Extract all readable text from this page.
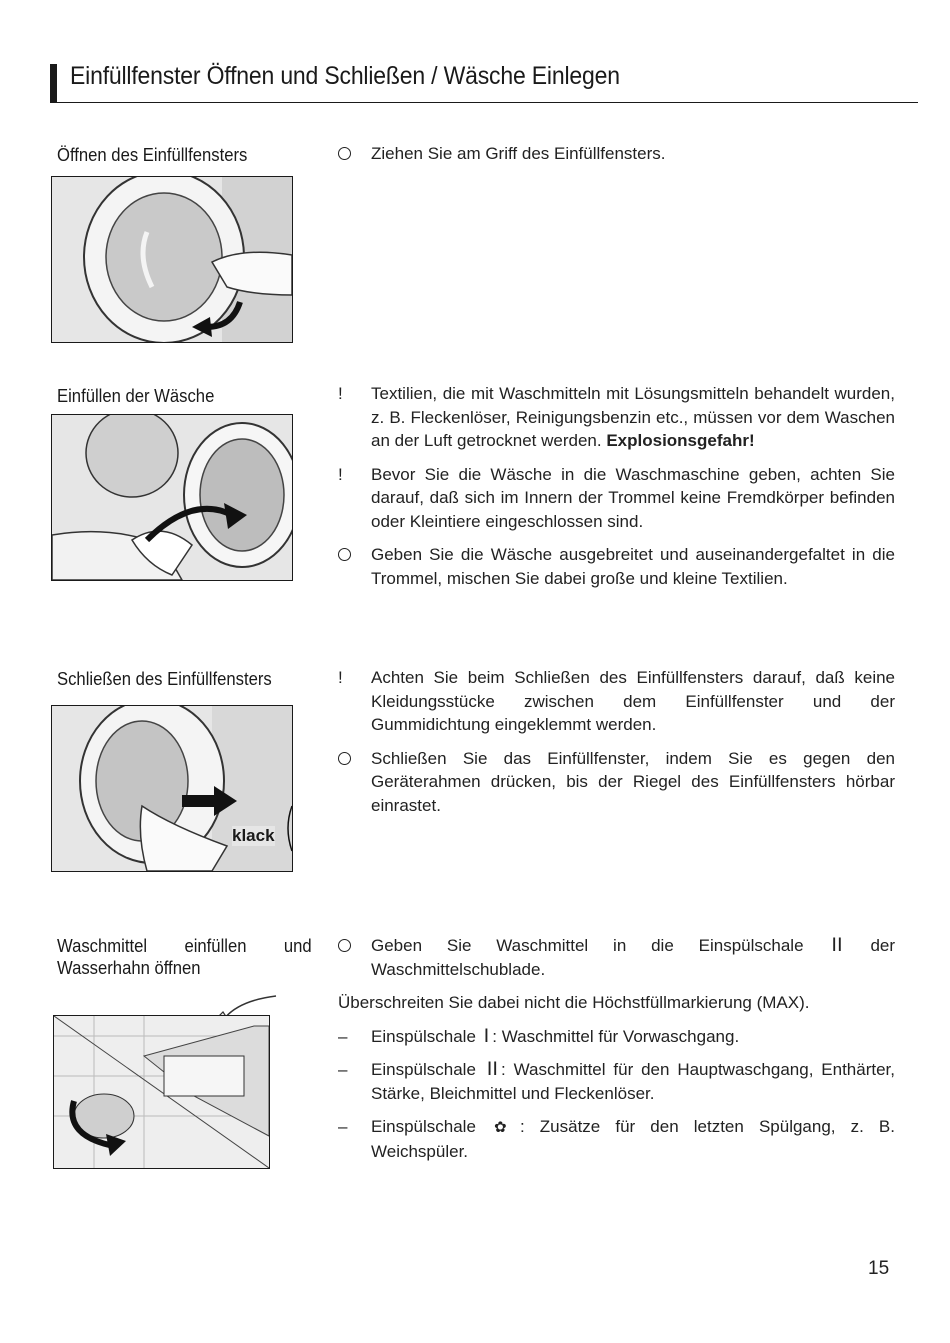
Einfüllfenster Öffnen und Schließen / Wäsche Einlegen
Öffnen des Einfüllfensters	Ziehen Sie am Griff des Einfüllfensters.
Einfüllen der Wäsche	!	Textilien, die mit Waschmitteln mit Lösungsmitteln behandelt wurden, z. B. Fleckenlöser, Reinigungsbenzin etc., müssen vor dem Waschen an der Luft getrocknet werden. Explosionsgefahr!
!	Bevor Sie die Wäsche in die Waschmaschine geben, achten Sie darauf, daß sich im Innern der Trommel keine Fremdkörper befinden oder Kleintiere eingeschlossen sind.
Geben Sie die Wäsche ausgebreitet und auseinandergefaltet in die Trommel, mischen Sie dabei große und kleine Textilien.
Schließen des Einfüllfensters
klack
!	Achten Sie beim Schließen des Einfüllfensters darauf, daß keine Kleidungsstücke zwischen dem Einfüllfenster und der Gummidichtung eingeklemmt werden.
Schließen Sie das Einfüllfenster, indem Sie es gegen den Geräterahmen drücken, bis der Riegel des Einfüllfensters hörbar einrastet.
Waschmittel einfüllen und Wasserhahn öffnen
Geben Sie Waschmittel in die Einspülschale II der Waschmittelschublade.
Überschreiten Sie dabei nicht die Höchstfüllmarkierung (MAX).
–	Einspülschale I : Waschmittel für Vorwaschgang.
–	Einspülschale II : Waschmittel für den Hauptwaschgang, Enthärter, Stärke, Bleichmittel und Fleckenlöser.
–	Einspülschale ✿ : Zusätze für den letzten Spülgang, z. B. Weichspüler.
15
